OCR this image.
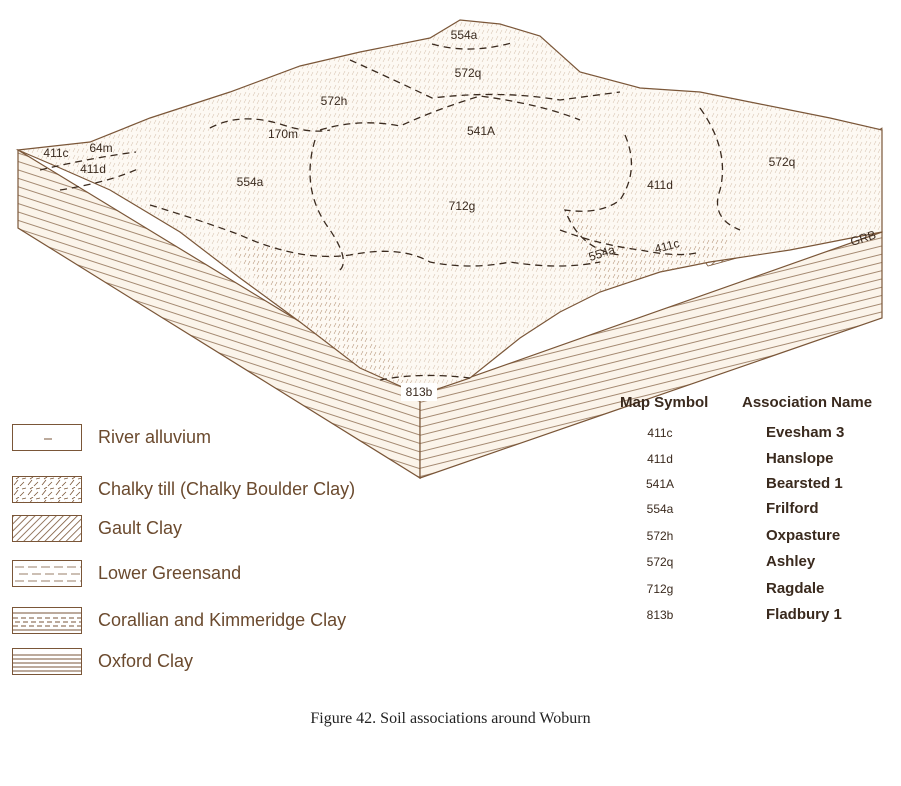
554a
572q
572h
541A
170m
411c 64m
411d
554a
712g
411d
572q
411c
554a
813b
GRB
River alluvium
Chalky till (Chalky Boulder Clay)
Gault Clay
Lower Greensand
Corallian and Kimmeridge Clay
Oxford Clay
Map Symbol Association Name
411c	Evesham 3
411d	Hanslope
541A	Bearsted 1
554a	Frilford
572h	Oxpasture
572q	Ashley
712g	Ragdale
813b	Fladbury 1
Figure 42. Soil associations around Woburn
